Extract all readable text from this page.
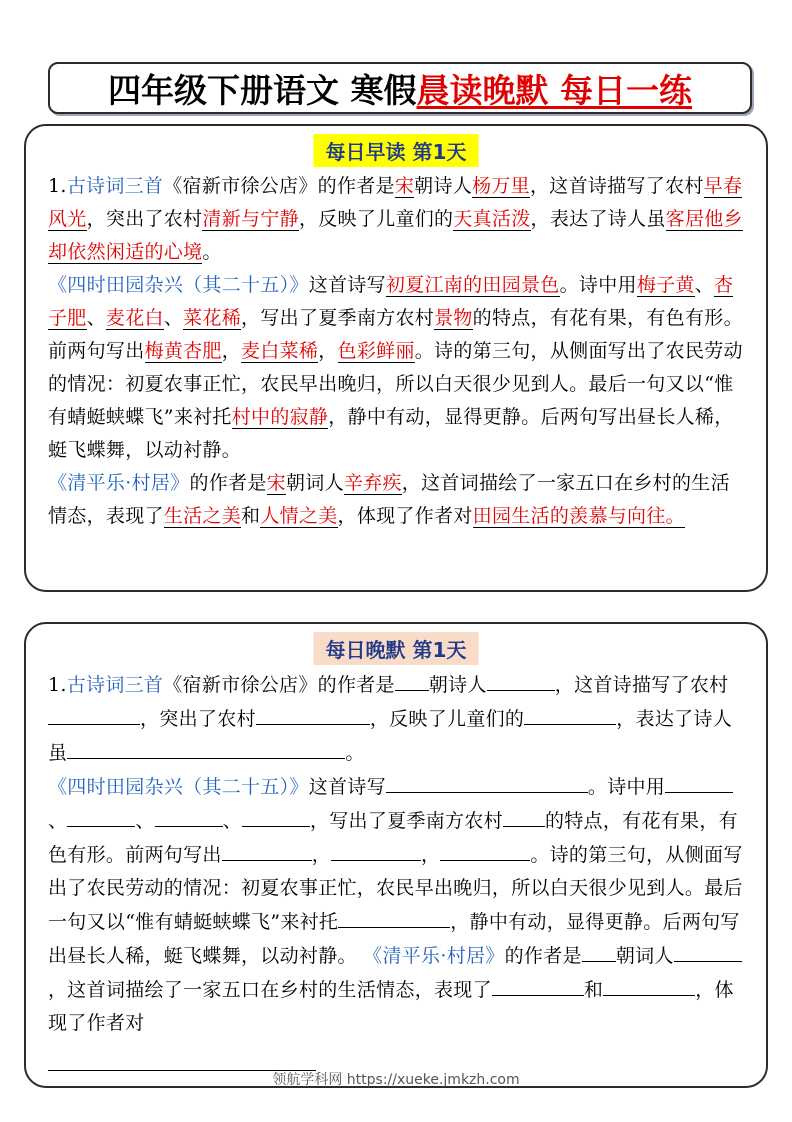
四年级下册语文 寒假 晨读晚默 每日一练
每日早读 第1天
1.古诗词三首《宿新市徐公店》的作者是宋朝诗人杨万里，这首诗描写了农村早春风光，突出了农村清新与宁静，反映了儿童们的天真活泼，表达了诗人虽客居他乡却依然闲适的心境。
《四时田园杂兴（其二十五）》这首诗写初夏江南的田园景色。诗中用梅子黄、杏子肥、麦花白、菜花稀，写出了夏季南方农村景物的特点，有花有果，有色有形。前两句写出梅黄杏肥，麦白菜稀，色彩鲜丽。诗的第三句，从侧面写出了农民劳动的情况：初夏农事正忙，农民早出晚归，所以白天很少见到人。最后一句又以“惟有蜻蜓蛱蝶飞”来衬托村中的寂静，静中有动，显得更静。后两句写出昼长人稀，蜓飞蝶舞，以动衬静。
《清平乐·村居》的作者是宋朝词人辛弃疾，这首词描绘了一家五口在乡村的生活情态，表现了生活之美和人情之美，体现了作者对田园生活的羡慕与向往。
每日晚默 第1天
1.古诗词三首《宿新市徐公店》的作者是 朝诗人	，这首诗描写了农村，突出了农村	，反映了儿童们的	，表达了诗人虽	。
《四时田园杂兴（其二十五）》这首诗写	。诗中用、	、	、	，写出了夏季南方农村 的特点，有花有果，有色有形。前两句写出	，	，	。诗的第三句，从侧面写出了农民劳动的情况：初夏农事正忙，农民早出晚归，所以白天很少见到人。最后一句又以“惟有蜻蜓蛱蝶飞”来衬托	，静中有动，显得更静。后两句写出昼长人稀，蜓飞蝶舞，以动衬静。 《清平乐·村居》的作者是 朝词人，这首词描绘了一家五口在乡村的生活情态，表现了	和	，体现了作者对

领航学科网 https://xueke.jmkzh.com
